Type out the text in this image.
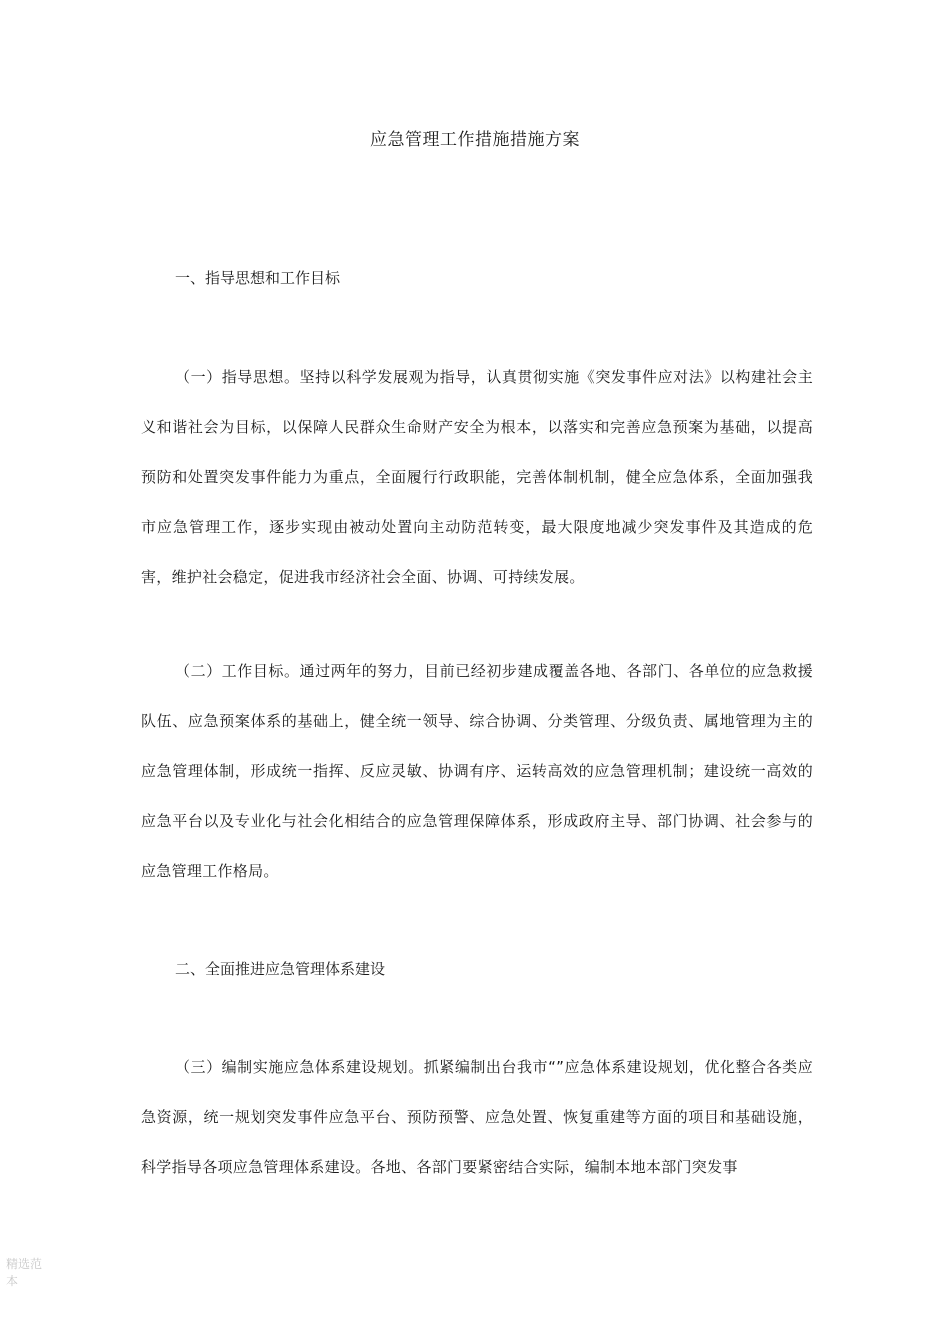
应急管理工作措施措施方案
一、指导思想和工作目标

（一）指导思想。坚持以科学发展观为指导，认真贯彻实施《突发事件应对法》以构建社会主义和谐社会为目标，以保障人民群众生命财产安全为根本，以落实和完善应急预案为基础，以提高预防和处置突发事件能力为重点，全面履行行政职能，完善体制机制，健全应急体系，全面加强我市应急管理工作，逐步实现由被动处置向主动防范转变，最大限度地减少突发事件及其造成的危害，维护社会稳定，促进我市经济社会全面、协调、可持续发展。

（二）工作目标。通过两年的努力，目前已经初步建成覆盖各地、各部门、各单位的应急救援队伍、应急预案体系的基础上，健全统一领导、综合协调、分类管理、分级负责、属地管理为主的应急管理体制，形成统一指挥、反应灵敏、协调有序、运转高效的应急管理机制；建设统一高效的应急平台以及专业化与社会化相结合的应急管理保障体系，形成政府主导、部门协调、社会参与的应急管理工作格局。

二、全面推进应急管理体系建设

（三）编制实施应急体系建设规划。抓紧编制出台我市“”应急体系建设规划，优化整合各类应急资源，统一规划突发事件应急平台、预防预警、应急处置、恢复重建等方面的项目和基础设施，科学指导各项应急管理体系建设。各地、各部门要紧密结合实际，编制本地本部门突发事

精选范本
